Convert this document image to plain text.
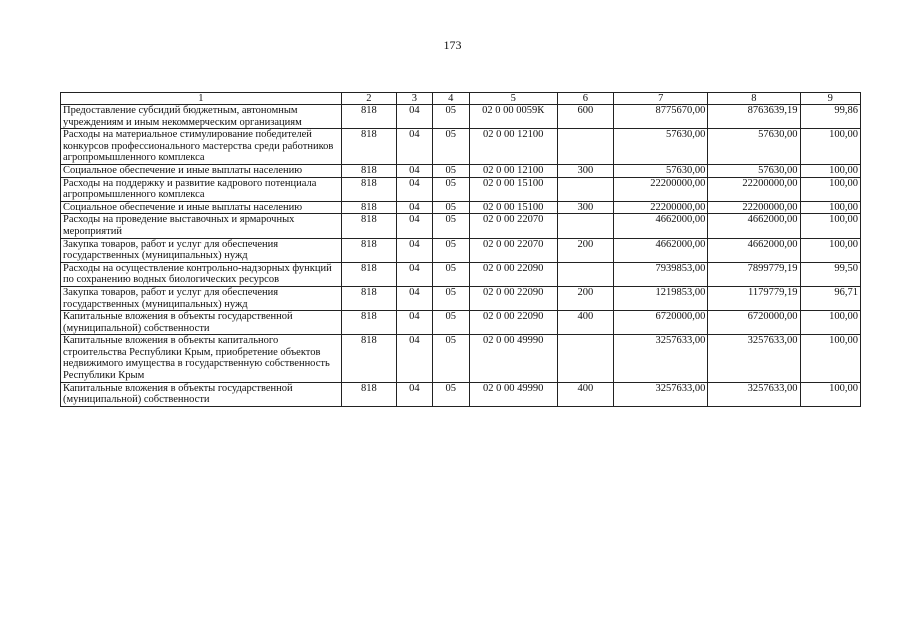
173
1	2	3	4	5	6	7	8	9
Предоставление субсидий бюджетным, автономным учреждениям и иным некоммерческим организациям	818	04	05	02 0 00 0059К	600	8775670,00	8763639,19	99,86
Расходы на материальное стимулирование победителей конкурсов профессионального мастерства среди работников агропромышленного комплекса	818	04	05	02 0 00 12100		57630,00	57630,00	100,00
Социальное обеспечение и иные выплаты населению	818	04	05	02 0 00 12100	300	57630,00	57630,00	100,00
Расходы на поддержку и развитие кадрового потенциала агропромышленного комплекса	818	04	05	02 0 00 15100		22200000,00	22200000,00	100,00
Социальное обеспечение и иные выплаты населению	818	04	05	02 0 00 15100	300	22200000,00	22200000,00	100,00
Расходы на проведение выставочных и ярмарочных мероприятий	818	04	05	02 0 00 22070		4662000,00	4662000,00	100,00
Закупка товаров, работ и услуг для обеспечения государственных (муниципальных) нужд	818	04	05	02 0 00 22070	200	4662000,00	4662000,00	100,00
Расходы на осуществление контрольно-надзорных функций по сохранению водных биологических ресурсов	818	04	05	02 0 00 22090		7939853,00	7899779,19	99,50
Закупка товаров, работ и услуг для обеспечения государственных (муниципальных) нужд	818	04	05	02 0 00 22090	200	1219853,00	1179779,19	96,71
Капитальные вложения в объекты государственной (муниципальной) собственности	818	04	05	02 0 00 22090	400	6720000,00	6720000,00	100,00
Капитальные вложения в объекты капитального строительства Республики Крым, приобретение объектов недвижимого имущества в государственную собственность Республики Крым	818	04	05	02 0 00 49990		3257633,00	3257633,00	100,00
Капитальные вложения в объекты государственной (муниципальной) собственности	818	04	05	02 0 00 49990	400	3257633,00	3257633,00	100,00
